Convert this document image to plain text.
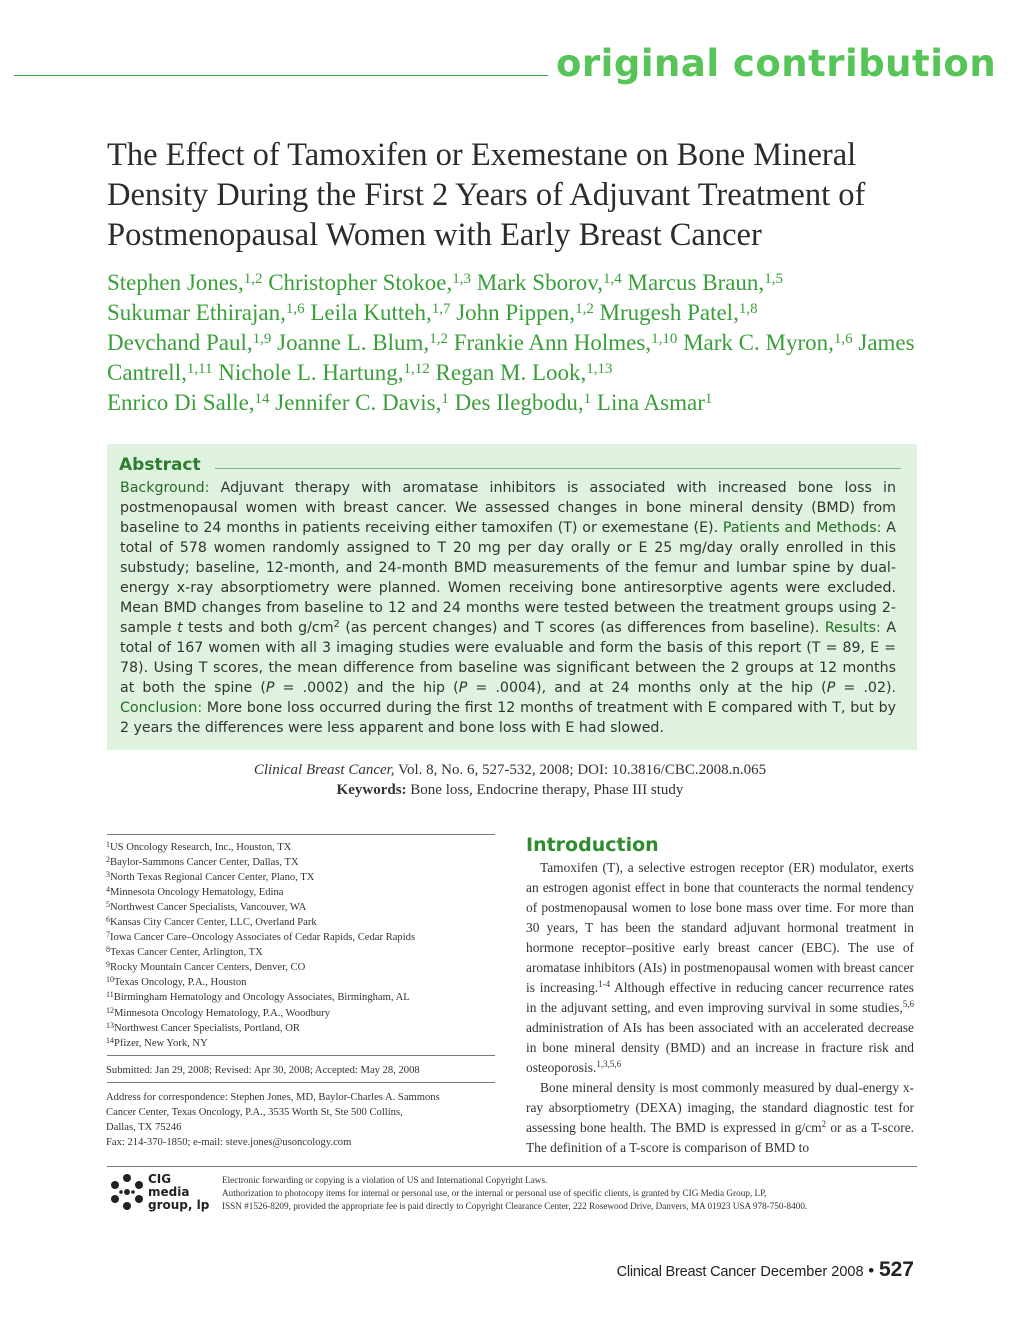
original contribution
The Effect of Tamoxifen or Exemestane on Bone Mineral Density During the First 2 Years of Adjuvant Treatment of Postmenopausal Women with Early Breast Cancer
Stephen Jones,$^{1,2}$ Christopher Stokoe,$^{1,3}$ Mark Sborov,$^{1,4}$ Marcus Braun,$^{1,5}$
Sukumar Ethirajan,$^{1,6}$ Leila Kutteh,$^{1,7}$ John Pippen,$^{1,2}$ Mrugesh Patel,$^{1,8}$
Devchand Paul,$^{1,9}$ Joanne L. Blum,$^{1,2}$ Frankie Ann Holmes,$^{1,10}$ Mark C. Myron,$^{1,6}$ James Cantrell,$^{1,11}$ Nichole L. Hartung,$^{1,12}$ Regan M. Look,$^{1,13}$
Enrico Di Salle,$^{14}$ Jennifer C. Davis,$^1$ Des Ilegbodu,$^1$ Lina Asmar$^1$
Abstract

Background: Adjuvant therapy with aromatase inhibitors is associated with increased bone loss in postmenopausal women with breast cancer. We assessed changes in bone mineral density (BMD) from baseline to 24 months in patients receiving either tamoxifen (T) or exemestane (E). Patients and Methods: A total of 578 women randomly assigned to T 20 mg per day orally or E 25 mg/day orally enrolled in this substudy; baseline, 12-month, and 24-month BMD measurements of the femur and lumbar spine by dual-energy x-ray absorptiometry were planned. Women receiving bone antiresorptive agents were excluded. Mean BMD changes from baseline to 12 and 24 months were tested between the treatment groups using 2-sample t tests and both $g/cm^2$ (as percent changes) and T scores (as differences from baseline). Results: A total of 167 women with all 3 imaging studies were evaluable and form the basis of this report (T = 89, E = 78). Using T scores, the mean difference from baseline was significant between the 2 groups at 12 months at both the spine (P = .0002) and the hip (P = .0004), and at 24 months only at the hip (P = .02). Conclusion: More bone loss occurred during the first 12 months of treatment with E compared with T, but by 2 years the differences were less apparent and bone loss with E had slowed.

Clinical Breast Cancer, Vol. 8, No. 6, 527-532, 2008; DOI: 10.3816/CBC.2008.n.065
Keywords: Bone loss, Endocrine therapy, Phase III study
$^1$US Oncology Research, Inc., Houston, TX
$^2$Baylor-Sammons Cancer Center, Dallas, TX
$^3$North Texas Regional Cancer Center, Plano, TX
$^4$Minnesota Oncology Hematology, Edina
$^5$Northwest Cancer Specialists, Vancouver, WA
$^6$Kansas City Cancer Center, LLC, Overland Park
$^7$Iowa Cancer Care–Oncology Associates of Cedar Rapids, Cedar Rapids
$^8$Texas Cancer Center, Arlington, TX
$^9$Rocky Mountain Cancer Centers, Denver, CO
$^{10}$Texas Oncology, P.A., Houston
$^{11}$Birmingham Hematology and Oncology Associates, Birmingham, AL
$^{12}$Minnesota Oncology Hematology, P.A., Woodbury
$^{13}$Northwest Cancer Specialists, Portland, OR
$^{14}$Pfizer, New York, NY
Submitted: Jan 29, 2008; Revised: Apr 30, 2008; Accepted: May 28, 2008
Address for correspondence: Stephen Jones, MD, Baylor-Charles A. Sammons
Cancer Center, Texas Oncology, P.A., 3535 Worth St, Ste 500 Collins,
Dallas, TX 75246
Fax: 214-370-1850; e-mail: steve.jones@usoncology.com
Introduction

Tamoxifen (T), a selective estrogen receptor (ER) modulator, exerts an estrogen agonist effect in bone that counteracts the normal tendency of postmenopausal women to lose bone mass over time. For more than 30 years, T has been the standard adjuvant hormonal treatment in hormone receptor–positive early breast cancer (EBC). The use of aromatase inhibitors (AIs) in postmenopausal women with breast cancer is increasing.$^{1-4}$ Although effective in reducing cancer recurrence rates in the adjuvant setting, and even improving survival in some studies,$^{5,6}$ administration of AIs has been associated with an accelerated decrease in bone mineral density (BMD) and an increase in fracture risk and osteoporosis.$^{1,3,5,6}$

Bone mineral density is most commonly measured by dual-energy x-ray absorptiometry (DEXA) imaging, the standard diagnostic test for assessing bone health. The BMD is expressed in $g/cm^2$ or as a T-score. The definition of a T-score is comparison of BMD to

CIG
media
group, lp
Electronic forwarding or copying is a violation of US and International Copyright Laws.
Authorization to photocopy items for internal or personal use, or the internal or personal use of specific clients, is granted by CIG Media Group, LP,
ISSN #1526-8209, provided the appropriate fee is paid directly to Copyright Clearance Center, 222 Rosewood Drive, Danvers, MA 01923 USA 978-750-8400.
Clinical Breast Cancer December 2008 • 527
